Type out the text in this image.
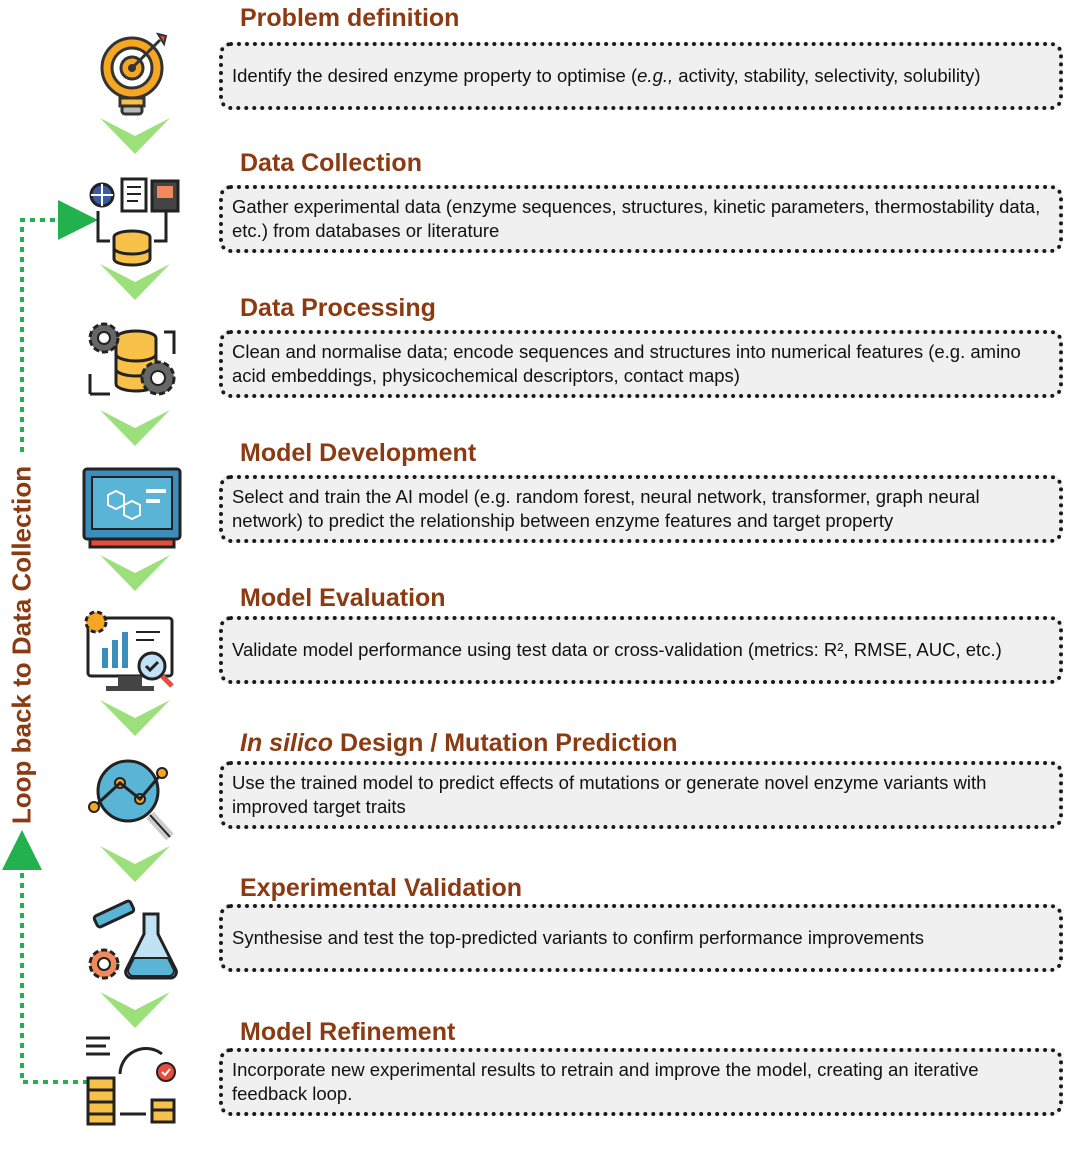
Loop back to Data Collection
Problem definition
Identify the desired enzyme property to optimise (e.g., activity, stability, selectivity, solubility)
Data Collection
Gather experimental data (enzyme sequences, structures, kinetic parameters, thermostability data, etc.) from databases or literature
Data Processing
Clean and normalise data; encode sequences and structures into numerical features (e.g. amino acid embeddings, physicochemical descriptors, contact maps)
Model Development
Select and train the AI model (e.g. random forest, neural network, transformer, graph neural network) to predict the relationship between enzyme features and target property
Model Evaluation
Validate model performance using test data or cross-validation (metrics: R², RMSE, AUC, etc.)
In silico Design / Mutation Prediction
Use the trained model to predict effects of mutations or generate novel enzyme variants with improved target traits
Experimental Validation
Synthesise and test the top-predicted variants to confirm performance improvements
Model Refinement
Incorporate new experimental results to retrain and improve the model, creating an iterative feedback loop.
